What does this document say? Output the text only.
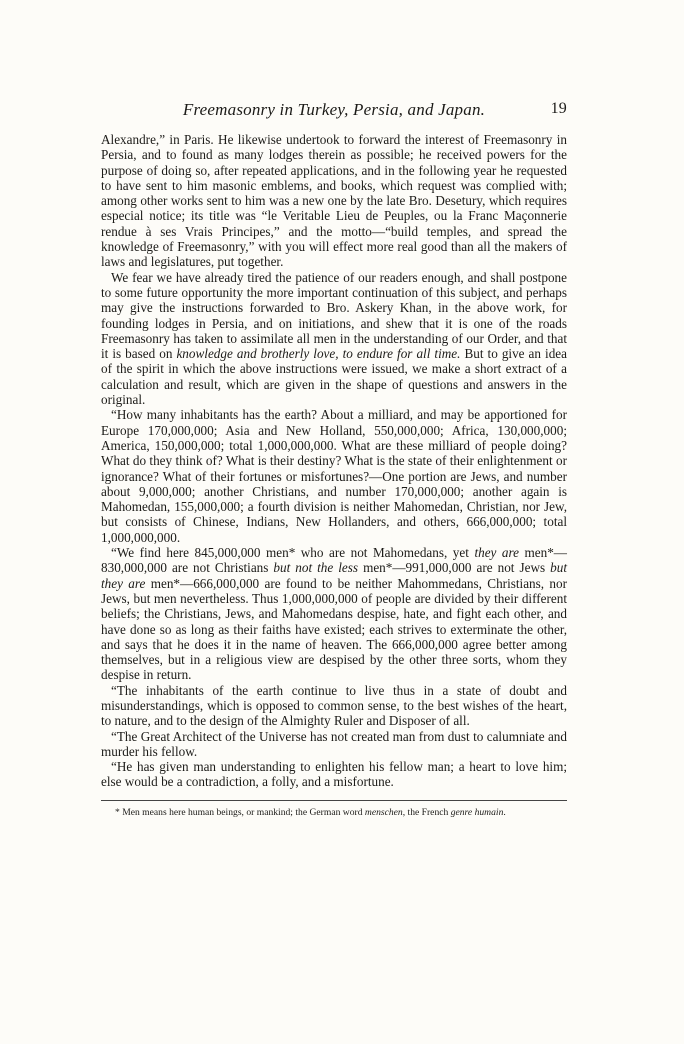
Freemasonry in Turkey, Persia, and Japan.	19

Alexandre,” in Paris. He likewise undertook to forward the interest of Freemasonry in Persia, and to found as many lodges therein as possible; he received powers for the purpose of doing so, after repeated applications, and in the following year he requested to have sent to him masonic emblems, and books, which request was complied with; among other works sent to him was a new one by the late Bro. Desetury, which requires especial notice; its title was “le Veritable Lieu de Peuples, ou la Franc Maçonnerie rendue à ses Vrais Principes,” and the motto—“build temples, and spread the knowledge of Freemasonry,” with you will effect more real good than all the makers of laws and legislatures, put together.

We fear we have already tired the patience of our readers enough, and shall postpone to some future opportunity the more important continuation of this subject, and perhaps may give the instructions forwarded to Bro. Askery Khan, in the above work, for founding lodges in Persia, and on initiations, and shew that it is one of the roads Freemasonry has taken to assimilate all men in the understanding of our Order, and that it is based on knowledge and brotherly love, to endure for all time. But to give an idea of the spirit in which the above instructions were issued, we make a short extract of a calculation and result, which are given in the shape of questions and answers in the original.

“How many inhabitants has the earth? About a milliard, and may be apportioned for Europe 170,000,000; Asia and New Holland, 550,000,000; Africa, 130,000,000; America, 150,000,000; total 1,000,000,000. What are these milliard of people doing? What do they think of? What is their destiny? What is the state of their enlightenment or ignorance? What of their fortunes or misfortunes?—One portion are Jews, and number about 9,000,000; another Christians, and number 170,000,000; another again is Mahomedan, 155,000,000; a fourth division is neither Mahomedan, Christian, nor Jew, but consists of Chinese, Indians, New Hollanders, and others, 666,000,000; total 1,000,000,000.

“We find here 845,000,000 men* who are not Mahomedans, yet they are men*—830,000,000 are not Christians but not the less men*—991,000,000 are not Jews but they are men*—666,000,000 are found to be neither Mahommedans, Christians, nor Jews, but men nevertheless. Thus 1,000,000,000 of people are divided by their different beliefs; the Christians, Jews, and Mahomedans despise, hate, and fight each other, and have done so as long as their faiths have existed; each strives to exterminate the other, and says that he does it in the name of heaven. The 666,000,000 agree better among themselves, but in a religious view are despised by the other three sorts, whom they despise in return.

“The inhabitants of the earth continue to live thus in a state of doubt and misunderstandings, which is opposed to common sense, to the best wishes of the heart, to nature, and to the design of the Almighty Ruler and Disposer of all.

“The Great Architect of the Universe has not created man from dust to calumniate and murder his fellow.

“He has given man understanding to enlighten his fellow man; a heart to love him; else would be a contradiction, a folly, and a misfortune.

* Men means here human beings, or mankind; the German word menschen, the French genre humain.
